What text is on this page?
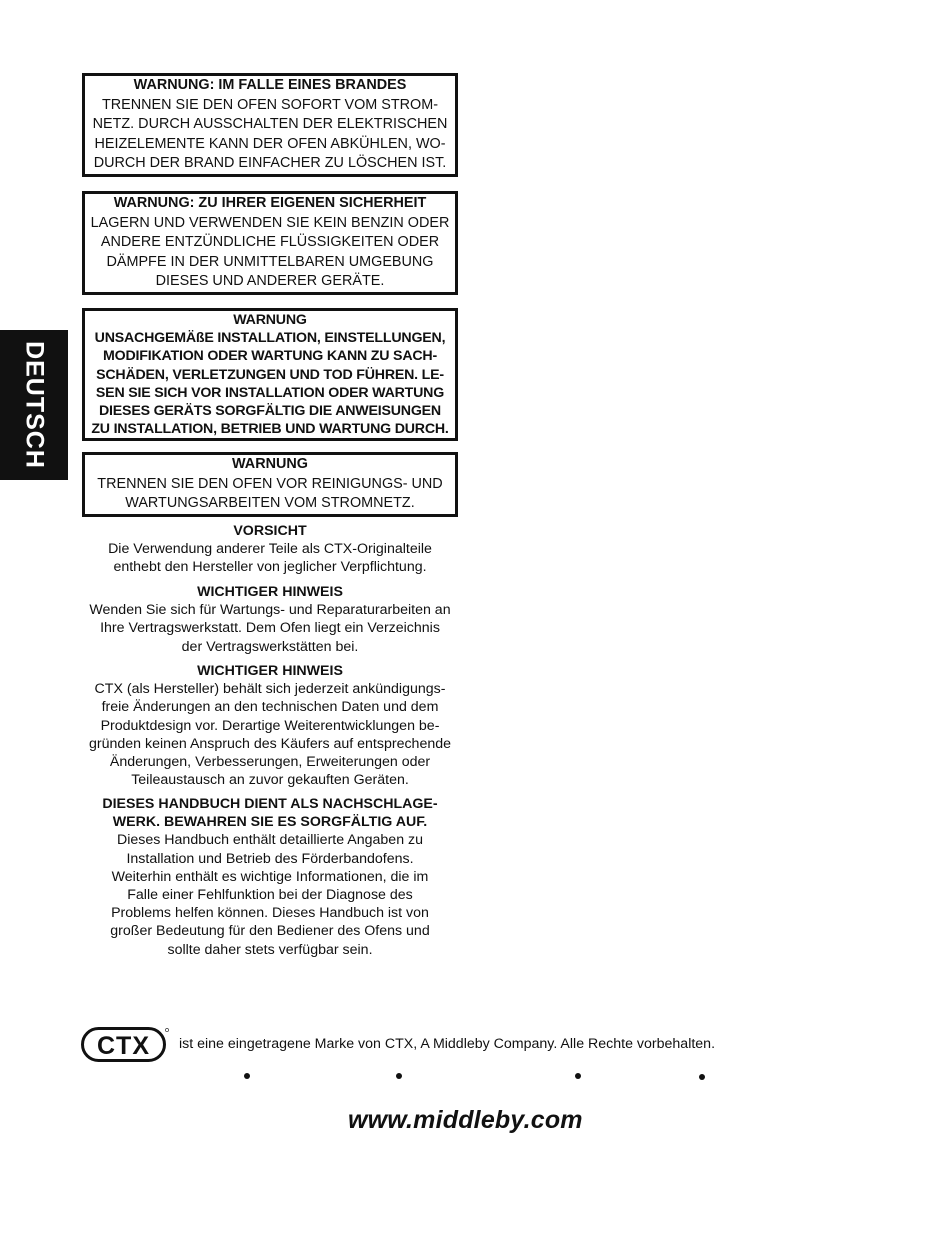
DEUTSCH
WARNUNG: IM FALLE EINES BRANDES
TRENNEN SIE DEN OFEN SOFORT VOM STROM-
NETZ. DURCH AUSSCHALTEN DER ELEKTRISCHEN
HEIZELEMENTE KANN DER OFEN ABKÜHLEN, WO-
DURCH DER BRAND EINFACHER ZU LÖSCHEN IST.
WARNUNG: ZU IHRER EIGENEN SICHERHEIT
LAGERN UND VERWENDEN SIE KEIN BENZIN ODER
ANDERE ENTZÜNDLICHE FLÜSSIGKEITEN ODER
DÄMPFE IN DER UNMITTELBAREN UMGEBUNG
DIESES UND ANDERER GERÄTE.
WARNUNG
UNSACHGEMÄßE INSTALLATION, EINSTELLUNGEN,
MODIFIKATION ODER WARTUNG KANN ZU SACH-
SCHÄDEN, VERLETZUNGEN UND TOD FÜHREN. LE-
SEN SIE SICH VOR INSTALLATION ODER WARTUNG
DIESES GERÄTS SORGFÄLTIG DIE ANWEISUNGEN
ZU INSTALLATION, BETRIEB UND WARTUNG DURCH.
WARNUNG
TRENNEN SIE DEN OFEN VOR REINIGUNGS- UND
WARTUNGSARBEITEN VOM STROMNETZ.
VORSICHT
Die Verwendung anderer Teile als CTX-Originalteile
enthebt den Hersteller von jeglicher Verpflichtung.
WICHTIGER HINWEIS
Wenden Sie sich für Wartungs- und Reparaturarbeiten an
Ihre Vertragswerkstatt. Dem Ofen liegt ein Verzeichnis
der Vertragswerkstätten bei.
WICHTIGER HINWEIS
CTX (als Hersteller) behält sich jederzeit ankündigungs-
freie Änderungen an den technischen Daten und dem
Produktdesign vor. Derartige Weiterentwicklungen be-
gründen keinen Anspruch des Käufers auf entsprechende
Änderungen, Verbesserungen, Erweiterungen oder
Teileaustausch an zuvor gekauften Geräten.
DIESES HANDBUCH DIENT ALS NACHSCHLAGE-
WERK. BEWAHREN SIE ES SORGFÄLTIG AUF.
Dieses Handbuch enthält detaillierte Angaben zu
Installation und Betrieb des Förderbandofens.
Weiterhin enthält es wichtige Informationen, die im
Falle einer Fehlfunktion bei der Diagnose des
Problems helfen können. Dieses Handbuch ist von
großer Bedeutung für den Bediener des Ofens und
sollte daher stets verfügbar sein.
CTX ist eine eingetragene Marke von CTX, A Middleby Company. Alle Rechte vorbehalten.
www.middleby.com
